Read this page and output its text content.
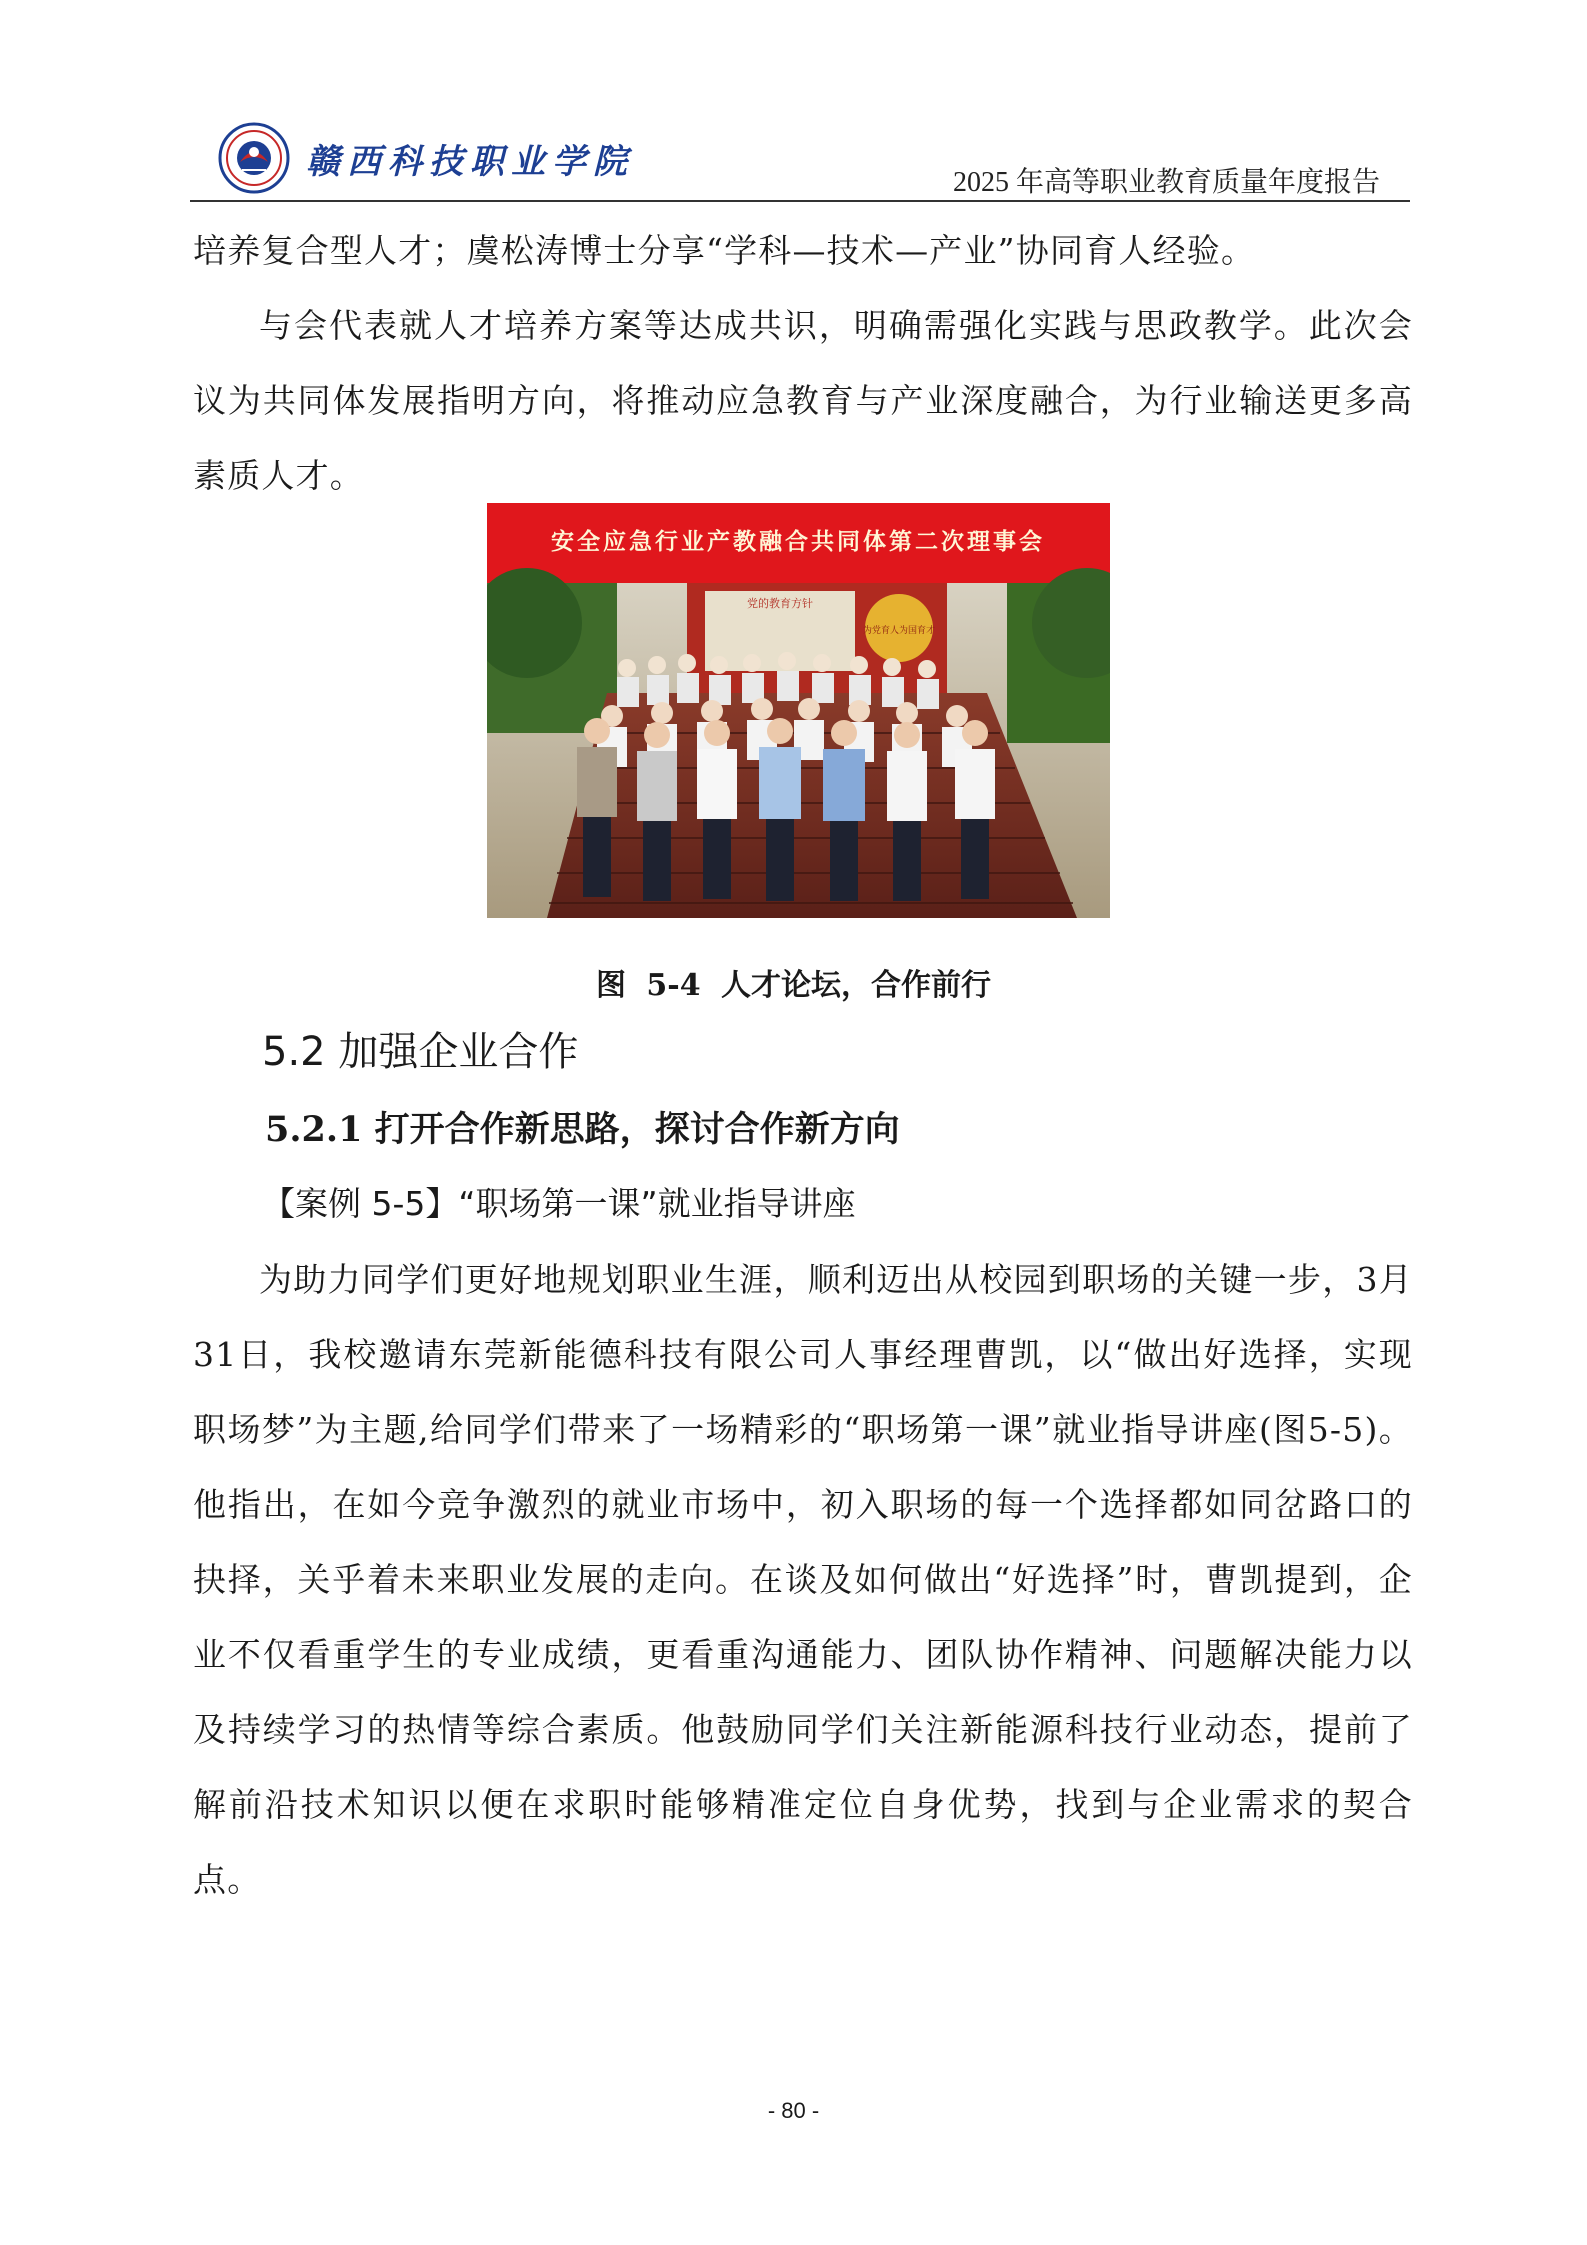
赣西科技职业学院
2025 年高等职业教育质量年度报告

培养复合型人才；虞松涛博士分享“学科—技术—产业”协同育人经验。

与会代表就人才培养方案等达成共识，明确需强化实践与思政教学。此次会议为共同体发展指明方向，将推动应急教育与产业深度融合，为行业输送更多高素质人才。

安全应急行业产教融合共同体第二次理事会
党的教育方针
为党育人为国育才
图 5-4 人才论坛，合作前行
5.2 加强企业合作
5.2.1 打开合作新思路，探讨合作新方向
【案例 5-5】“职场第一课”就业指导讲座

为助力同学们更好地规划职业生涯，顺利迈出从校园到职场的关键一步，3月31日，我校邀请东莞新能德科技有限公司人事经理曹凯，以“做出好选择，实现职场梦”为主题,给同学们带来了一场精彩的“职场第一课”就业指导讲座(图5-5)。他指出，在如今竞争激烈的就业市场中，初入职场的每一个选择都如同岔路口的抉择，关乎着未来职业发展的走向。在谈及如何做出“好选择”时，曹凯提到，企业不仅看重学生的专业成绩，更看重沟通能力、团队协作精神、问题解决能力以及持续学习的热情等综合素质。他鼓励同学们关注新能源科技行业动态，提前了解前沿技术知识以便在求职时能够精准定位自身优势，找到与企业需求的契合点。

- 80 -
